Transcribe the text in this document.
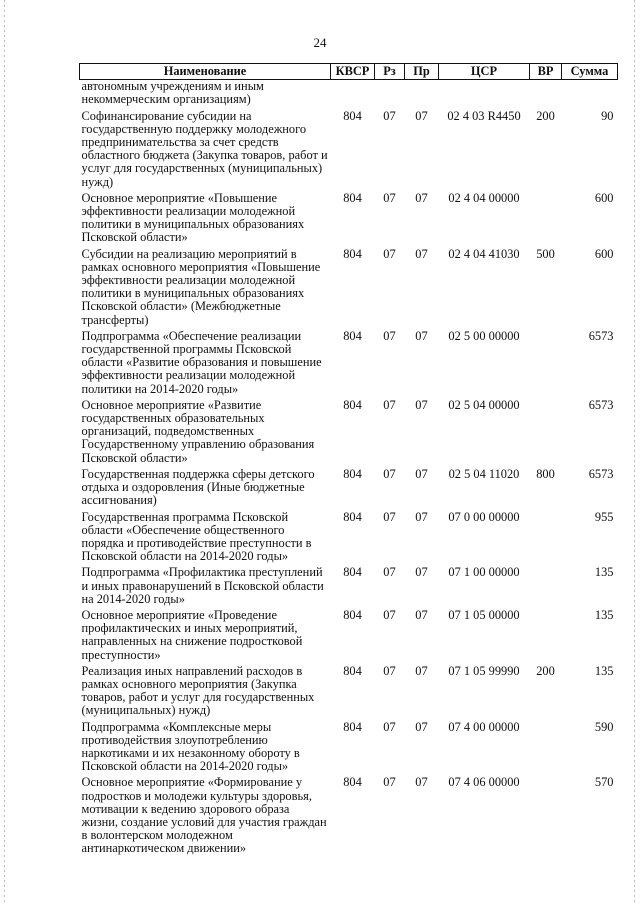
24
Наименование	КВСР	Рз	Пр	ЦСР	ВР	Сумма
автономным учреждениям и иным некоммерческим организациям)						
Софинансирование субсидии на государственную поддержку молодежного предпринимательства за счет средств областного бюджета (Закупка товаров, работ и услуг для государственных (муниципальных) нужд)	804	07	07	02 4 03 R4450	200	90
Основное мероприятие «Повышение эффективности реализации молодежной политики в муниципальных образованиях Псковской области»	804	07	07	02 4 04 00000		600
Субсидии на реализацию мероприятий в рамках основного мероприятия «Повышение эффективности реализации молодежной политики в муниципальных образованиях Псковской области» (Межбюджетные трансферты)	804	07	07	02 4 04 41030	500	600
Подпрограмма «Обеспечение реализации государственной программы Псковской области «Развитие образования и повышение эффективности реализации молодежной политики на 2014-2020 годы»	804	07	07	02 5 00 00000		6573
Основное мероприятие «Развитие государственных образовательных организаций, подведомственных Государственному управлению образования Псковской области»	804	07	07	02 5 04 00000		6573
Государственная поддержка сферы детского отдыха и оздоровления (Иные бюджетные ассигнования)	804	07	07	02 5 04 11020	800	6573
Государственная программа Псковской области «Обеспечение общественного порядка и противодействие преступности в Псковской области на 2014-2020 годы»	804	07	07	07 0 00 00000		955
Подпрограмма «Профилактика преступлений и иных правонарушений в Псковской области на 2014-2020 годы»	804	07	07	07 1 00 00000		135
Основное мероприятие «Проведение профилактических и иных мероприятий, направленных на снижение подростковой преступности»	804	07	07	07 1 05 00000		135
Реализация иных направлений расходов в рамках основного мероприятия (Закупка товаров, работ и услуг для государственных (муниципальных) нужд)	804	07	07	07 1 05 99990	200	135
Подпрограмма «Комплексные меры противодействия злоупотреблению наркотиками и их незаконному обороту в Псковской области на 2014-2020 годы»	804	07	07	07 4 00 00000		590
Основное мероприятие «Формирование у подростков и молодежи культуры здоровья, мотивации к ведению здорового образа жизни, создание условий для участия граждан в волонтерском молодежном антинаркотическом движении»	804	07	07	07 4 06 00000		570
